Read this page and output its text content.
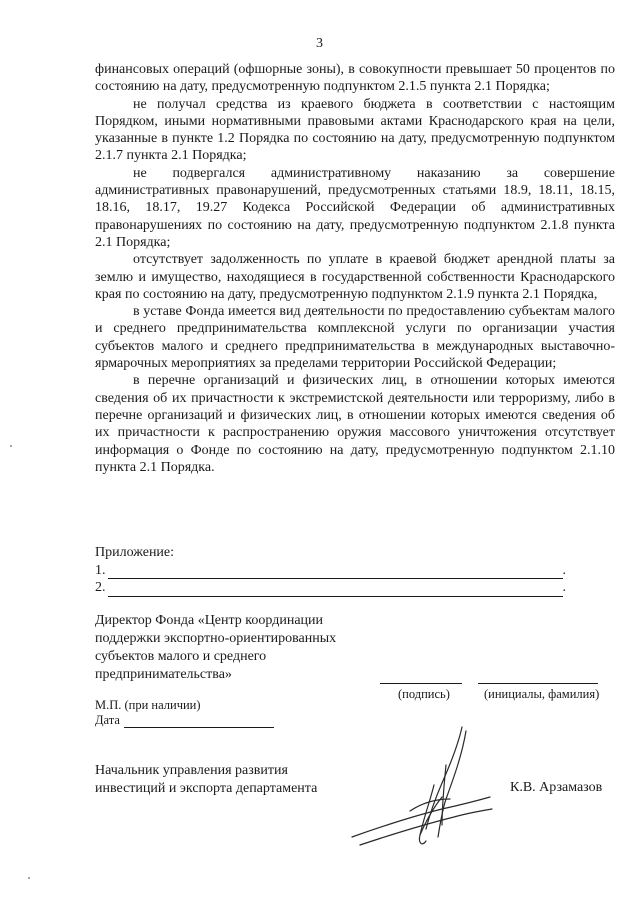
3

финансовых операций (офшорные зоны), в совокупности превышает 50 процентов по состоянию на дату, предусмотренную подпунктом 2.1.5 пункта 2.1 Порядка;

не получал средства из краевого бюджета в соответствии с настоящим Порядком, иными нормативными правовыми актами Краснодарского края на цели, указанные в пункте 1.2 Порядка по состоянию на дату, предусмотренную подпунктом 2.1.7 пункта 2.1 Порядка;

не подвергался административному наказанию за совершение административных правонарушений, предусмотренных статьями 18.9, 18.11, 18.15, 18.16, 18.17, 19.27 Кодекса Российской Федерации об административных правонарушениях по состоянию на дату, предусмотренную подпунктом 2.1.8 пункта 2.1 Порядка;

отсутствует задолженность по уплате в краевой бюджет арендной платы за землю и имущество, находящиеся в государственной собственности Краснодарского края по состоянию на дату, предусмотренную подпунктом 2.1.9 пункта 2.1 Порядка,

в уставе Фонда имеется вид деятельности по предоставлению субъектам малого и среднего предпринимательства комплексной услуги по организации участия субъектов малого и среднего предпринимательства в международных выставочно-ярмарочных мероприятиях за пределами территории Российской Федерации;

в перечне организаций и физических лиц, в отношении которых имеются сведения об их причастности к экстремистской деятельности или терроризму, либо в перечне организаций и физических лиц, в отношении которых имеются сведения об их причастности к распространению оружия массового уничтожения отсутствует информация о Фонде по состоянию на дату, предусмотренную подпунктом 2.1.10 пункта 2.1 Порядка.

Приложение:
1.	.
2.	.
Директор Фонда «Центр координации
поддержки экспортно-ориентированных
субъектов малого и среднего
предпринимательства»
(подпись)	(инициалы, фамилия)
М.П. (при наличии)
Дата
Начальник управления развития
инвестиций и экспорта департамента	К.В. Арзамазов
